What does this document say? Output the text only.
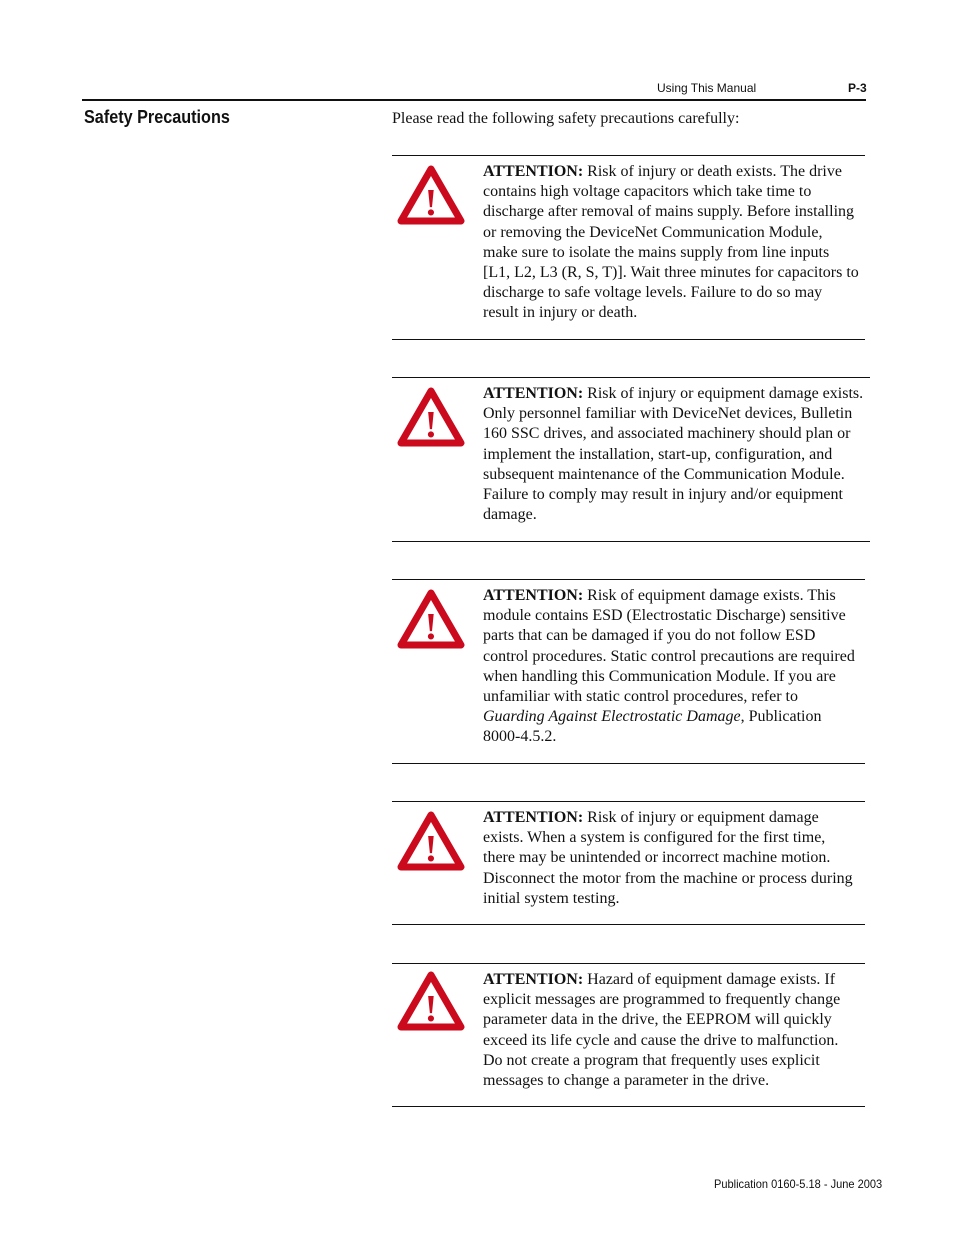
Using This Manual	P-3
Safety Precautions	Please read the following safety precautions carefully:
!
ATTENTION: Risk of injury or death exists. The drive contains high voltage capacitors which take time to discharge after removal of mains supply. Before installing or removing the DeviceNet Communication Module, make sure to isolate the mains supply from line inputs [L1, L2, L3 (R, S, T)]. Wait three minutes for capacitors to discharge to safe voltage levels. Failure to do so may result in injury or death.
!
ATTENTION: Risk of injury or equipment damage exists. Only personnel familiar with DeviceNet devices, Bulletin 160 SSC drives, and associated machinery should plan or implement the installation, start-up, configuration, and subsequent maintenance of the Communication Module. Failure to comply may result in injury and/or equipment damage.
!
ATTENTION: Risk of equipment damage exists. This module contains ESD (Electrostatic Discharge) sensitive parts that can be damaged if you do not follow ESD control procedures. Static control precautions are required when handling this Communication Module. If you are unfamiliar with static control procedures, refer to Guarding Against Electrostatic Damage, Publication 8000-4.5.2.
!
ATTENTION: Risk of injury or equipment damage exists. When a system is configured for the first time, there may be unintended or incorrect machine motion. Disconnect the motor from the machine or process during initial system testing.
!
ATTENTION: Hazard of equipment damage exists. If explicit messages are programmed to frequently change parameter data in the drive, the EEPROM will quickly exceed its life cycle and cause the drive to malfunction. Do not create a program that frequently uses explicit messages to change a parameter in the drive.
Publication 0160-5.18 - June 2003
